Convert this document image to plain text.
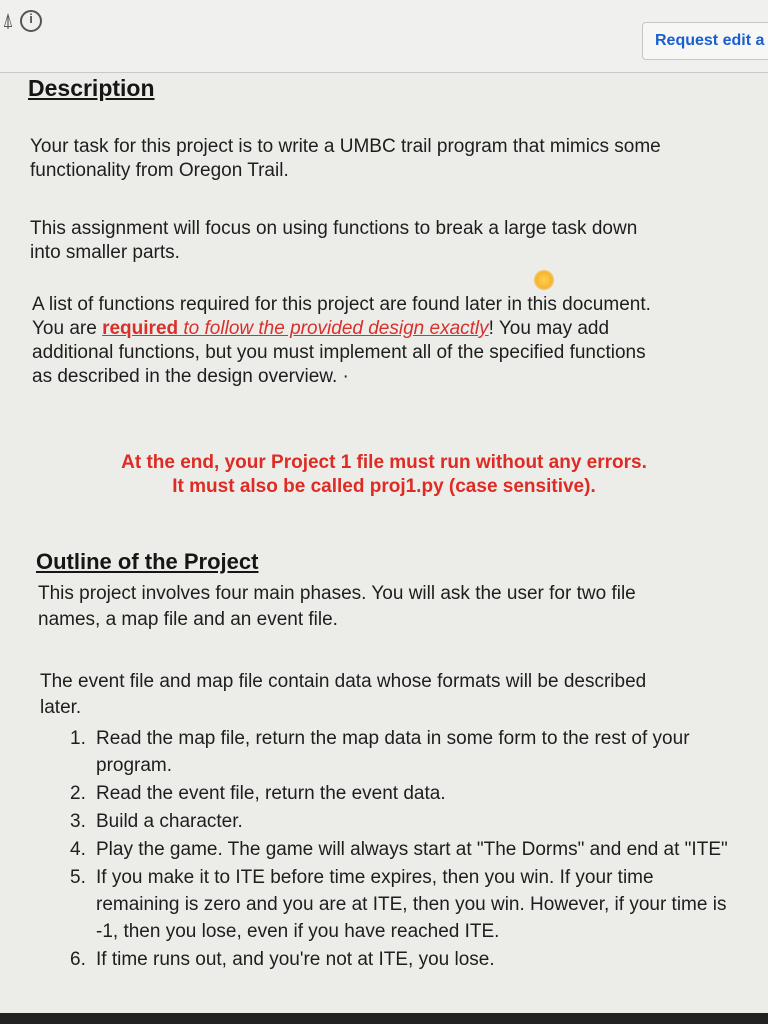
⍋	i
Request edit a
Description

Your task for this project is to write a UMBC trail program that mimics some
functionality from Oregon Trail.

This assignment will focus on using functions to break a large task down
into smaller parts.

A list of functions required for this project are found later in this document.
You are required to follow the provided design exactly! You may add
additional functions, but you must implement all of the specified functions
as described in the design overview. ·

At the end, your Project 1 file must run without any errors.
It must also be called proj1.py (case sensitive).
Outline of the Project

This project involves four main phases. You will ask the user for two file
names, a map file and an event file.

The event file and map file contain data whose formats will be described
later.

1. Read the map file, return the map data in some form to the rest of your program.
2. Read the event file, return the event data.
3. Build a character.
4. Play the game. The game will always start at "The Dorms" and end at "ITE"
5. If you make it to ITE before time expires, then you win. If your time remaining is zero and you are at ITE, then you win. However, if your time is -1, then you lose, even if you have reached ITE.
6. If time runs out, and you're not at ITE, you lose.
